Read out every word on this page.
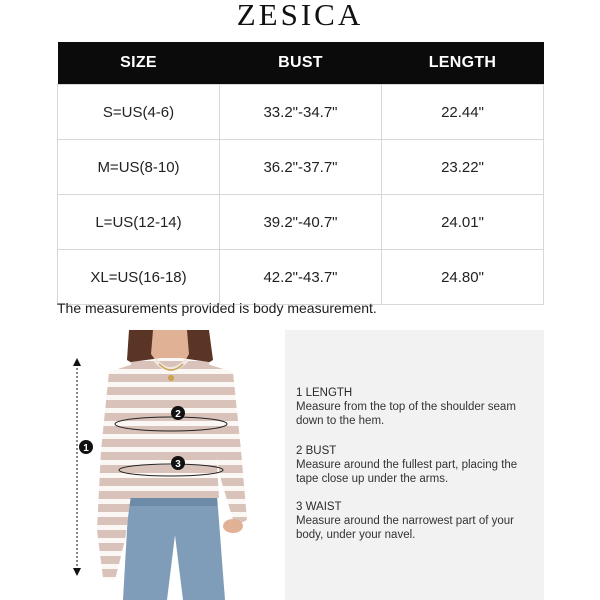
ZESICA
SIZE	BUST	LENGTH
S=US(4-6)	33.2"-34.7"	22.44"
M=US(8-10)	36.2"-37.7"	23.22"
L=US(12-14)	39.2"-40.7"	24.01"
XL=US(16-18)	42.2"-43.7"	24.80"
The measurements provided is body measurement.
1
2
3
1 LENGTH
Measure from the top of the shoulder seam down to the hem.
2 BUST
Measure around the fullest part, placing the tape close up under the arms.
3 WAIST
Measure around the narrowest part of your body, under your navel.
